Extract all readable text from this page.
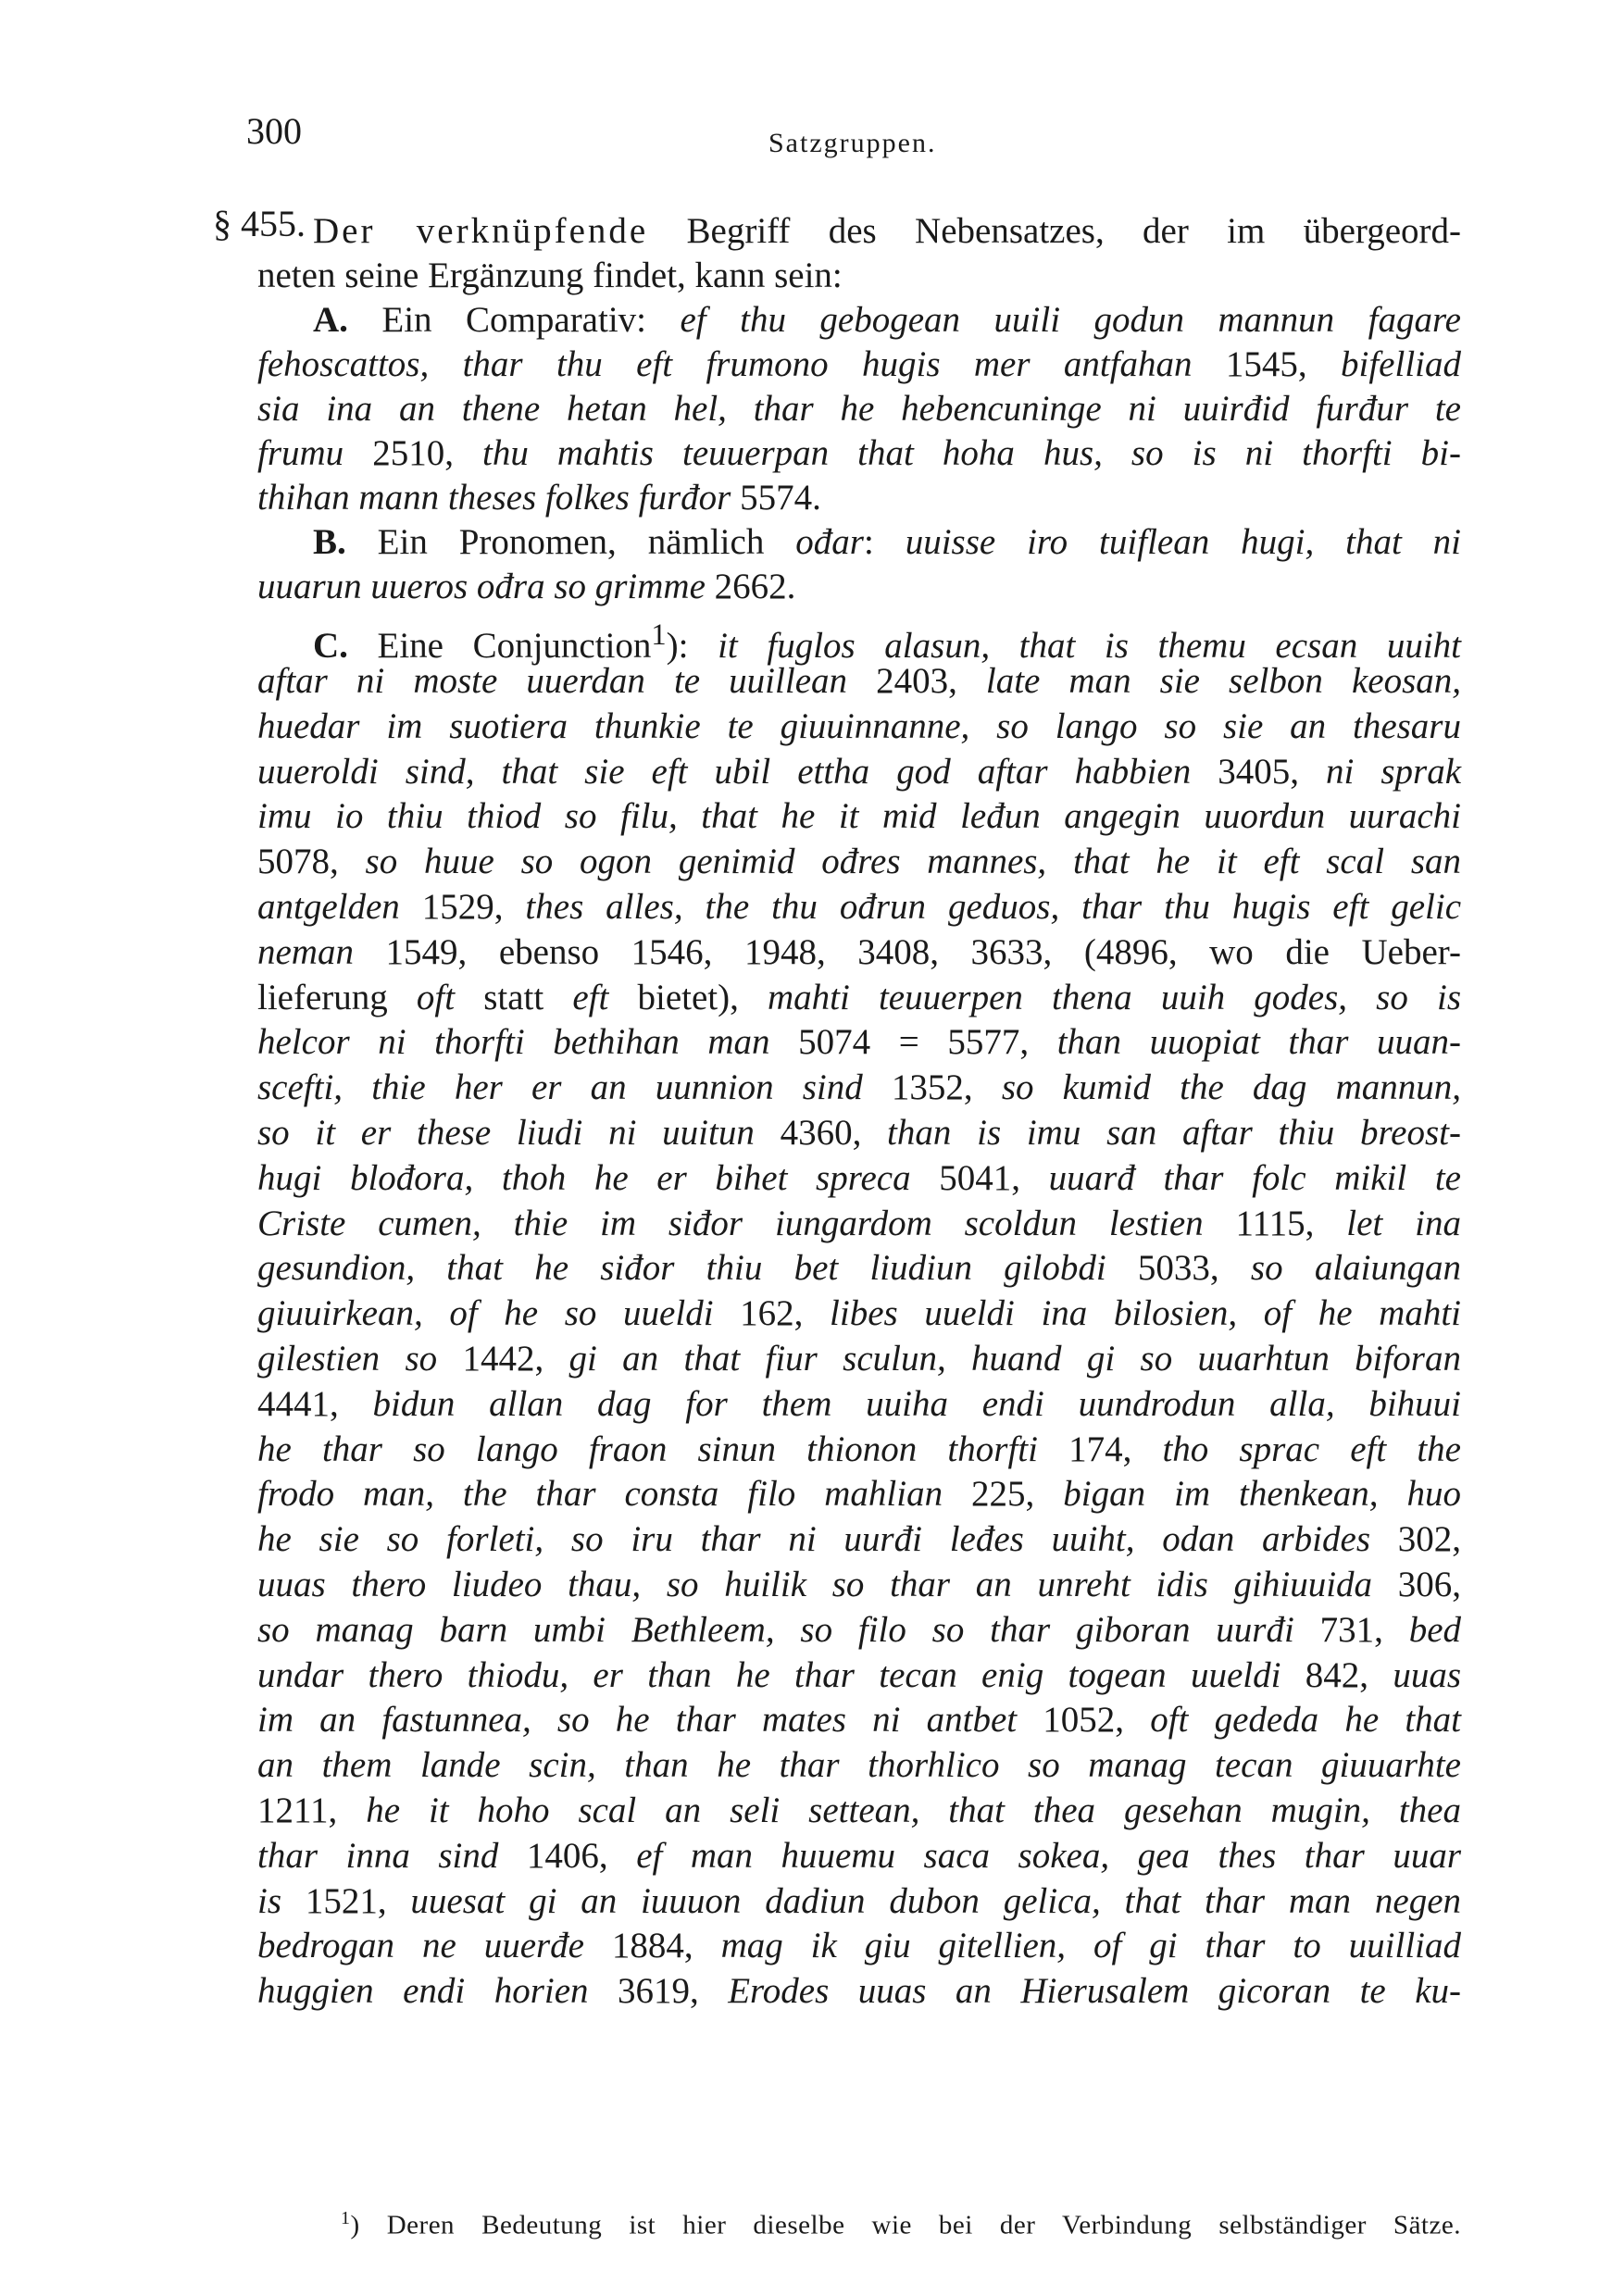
300	Satzgruppen.
§ 455. Der verknüpfende Begriff des Nebensatzes, der im übergeord-
neten seine Ergänzung findet, kann sein:
A. Ein Comparativ: ef thu gebogean uuili godun mannun fagare
fehoscattos, thar thu eft frumono hugis mer antfahan 1545, bifelliad
sia ina an thene hetan hel, thar he hebencuninge ni uuirđid furđur te
frumu 2510, thu mahtis teuuerpan that hoha hus, so is ni thorfti bi-
thihan mann theses folkes furđor 5574.
B. Ein Pronomen, nämlich ođar: uuisse iro tuiflean hugi, that ni
uuarun uueros ođra so grimme 2662.
C. Eine Conjunction$^1$): it fuglos alasun, that is themu ecsan uuiht
aftar ni moste uuerdan te uuillean 2403, late man sie selbon keosan,
huedar im suotiera thunkie te giuuinnanne, so lango so sie an thesaru
uueroldi sind, that sie eft ubil ettha god aftar habbien 3405, ni sprak
imu io thiu thiod so filu, that he it mid leđun angegin uuordun uurachi
5078, so huue so ogon genimid ođres mannes, that he it eft scal san
antgelden 1529, thes alles, the thu ođrun geduos, thar thu hugis eft gelic
neman 1549, ebenso 1546, 1948, 3408, 3633, (4896, wo die Ueber-
lieferung oft statt eft bietet), mahti teuuerpen thena uuih godes, so is
helcor ni thorfti bethihan man 5074 = 5577, than uuopiat thar uuan-
scefti, thie her er an uunnion sind 1352, so kumid the dag mannun,
so it er these liudi ni uuitun 4360, than is imu san aftar thiu breost-
hugi blođora, thoh he er bihet spreca 5041, uuarđ thar folc mikil te
Criste cumen, thie im siđor iungardom scoldun lestien 1115, let ina
gesundion, that he siđor thiu bet liudiun gilobdi 5033, so alaiungan
giuuirkean, of he so uueldi 162, libes uueldi ina bilosien, of he mahti
gilestien so 1442, gi an that fiur sculun, huand gi so uuarhtun biforan
4441, bidun allan dag for them uuiha endi uundrodun alla, bihuui
he thar so lango fraon sinun thionon thorfti 174, tho sprac eft the
frodo man, the thar consta filo mahlian 225, bigan im thenkean, huo
he sie so forleti, so iru thar ni uurđi leđes uuiht, odan arbides 302,
uuas thero liudeo thau, so huilik so thar an unreht idis gihiuuida 306,
so manag barn umbi Bethleem, so filo so thar giboran uurđi 731, bed
undar thero thiodu, er than he thar tecan enig togean uueldi 842, uuas
im an fastunnea, so he thar mates ni antbet 1052, oft gededa he that
an them lande scin, than he thar thorhlico so manag tecan giuuarhte
1211, he it hoho scal an seli settean, that thea gesehan mugin, thea
thar inna sind 1406, ef man huuemu saca sokea, gea thes thar uuar
is 1521, uuesat gi an iuuuon dadiun dubon gelica, that thar man negen
bedrogan ne uuerđe 1884, mag ik giu gitellien, of gi thar to uuilliad
huggien endi horien 3619, Erodes uuas an Hierusalem gicoran te ku-
$^1$) Deren Bedeutung ist hier dieselbe wie bei der Verbindung selbständiger Sätze.
